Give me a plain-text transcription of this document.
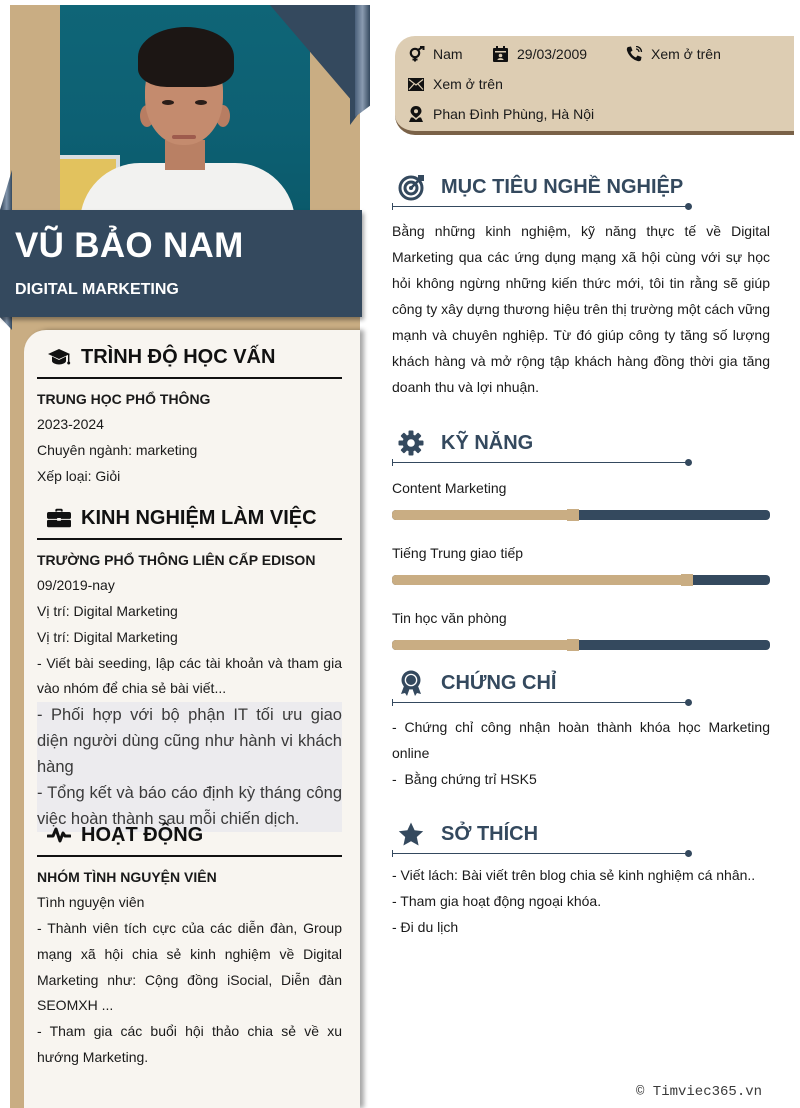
VŨ BẢO NAM
DIGITAL MARKETING
TRÌNH ĐỘ HỌC VẤN
TRUNG HỌC PHỔ THÔNG
2023-2024
Chuyên ngành: marketing
Xếp loại: Giỏi
KINH NGHIỆM LÀM VIỆC
TRƯỜNG PHỔ THÔNG LIÊN CẤP EDISON
09/2019-nay
Vị trí: Digital Marketing
Vị trí: Digital Marketing
- Viết bài seeding, lập các tài khoản và tham gia vào nhóm để chia sẻ bài viết...
- Phối hợp với bộ phận IT tối ưu giao diện người dùng cũng như hành vi khách hàng
- Tổng kết và báo cáo định kỳ tháng công việc hoàn thành sau mỗi chiến dịch.
HOẠT ĐỘNG
NHÓM TÌNH NGUYỆN VIÊN
Tình nguyện viên
- Thành viên tích cực của các diễn đàn, Group mạng xã hội chia sẻ kinh nghiệm về Digital Marketing như: Cộng đồng iSocial, Diễn đàn SEOMXH ...
- Tham gia các buổi hội thảo chia sẻ về xu hướng Marketing.
Nam	29/03/2009	Xem ở trên
Xem ở trên
Phan Đình Phùng, Hà Nội
MỤC TIÊU NGHỀ NGHIỆP
Bằng những kinh nghiệm, kỹ năng thực tế về Digital Marketing qua các ứng dụng mạng xã hội cùng với sự học hỏi không ngừng những kiến thức mới, tôi tin rằng sẽ giúp công ty xây dựng thương hiệu trên thị trường một cách vững mạnh và chuyên nghiệp. Từ đó giúp công ty tăng số lượng khách hàng và mở rộng tập khách hàng đồng thời gia tăng doanh thu và lợi nhuận.
KỸ NĂNG
Content Marketing
Tiếng Trung giao tiếp
Tin học văn phòng
CHỨNG CHỈ
- Chứng chỉ công nhận hoàn thành khóa học Marketing online
-  Bằng chứng trỉ HSK5
SỞ THÍCH
- Viết lách: Bài viết trên blog chia sẻ kinh nghiệm cá nhân..
- Tham gia hoạt động ngoại khóa.
- Đi du lịch
© Timviec365.vn
